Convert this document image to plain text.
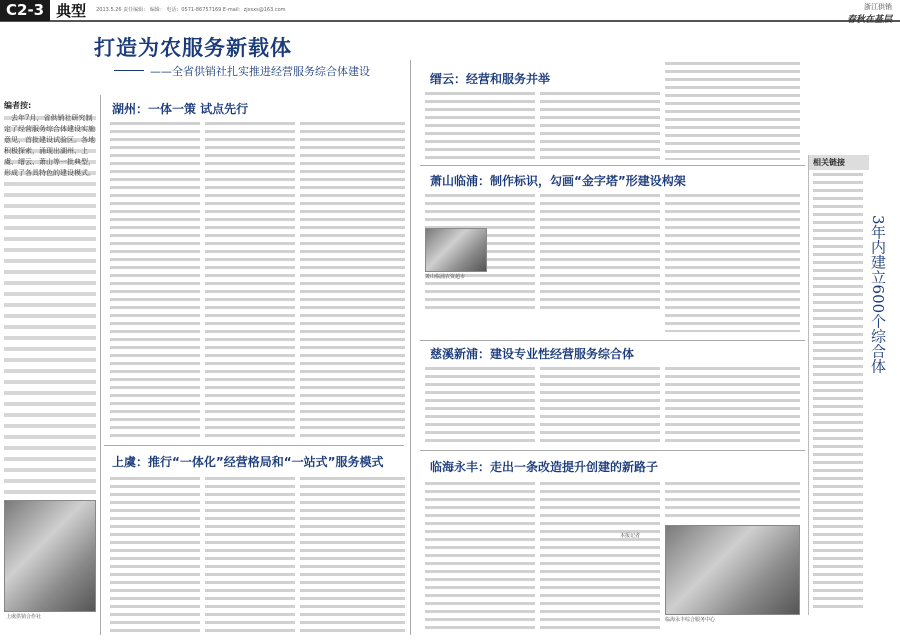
C2-3 典型 2013.5.26 责任编辑： 编辑： 电话：0571-86757169 E-mail：zjxsxs@163.com	浙江供销
春秋在基层
打造为农服务新载体
——全省供销社扎实推进经营服务综合体建设
编者按:
去年7月，省供销社研究制定了经营服务综合体建设实施意见，首批建设试验区。各地积极探索，涌现出湖州、上虞、缙云、萧山等一批典型，形成了各具特色的建设模式。
上虞供销合作社
湖州：一体一策 试点先行
上虞：推行“一体化”经营格局和“一站式”服务模式
缙云：经营和服务并举
萧山临浦：制作标识，勾画“金字塔”形建设构架
萧山临浦农资超市
慈溪新浦：建设专业性经营服务综合体
临海永丰：走出一条改造提升创建的新路子
临海永丰综合服务中心
本报记者
相关链接
3年内建立600个综合体
